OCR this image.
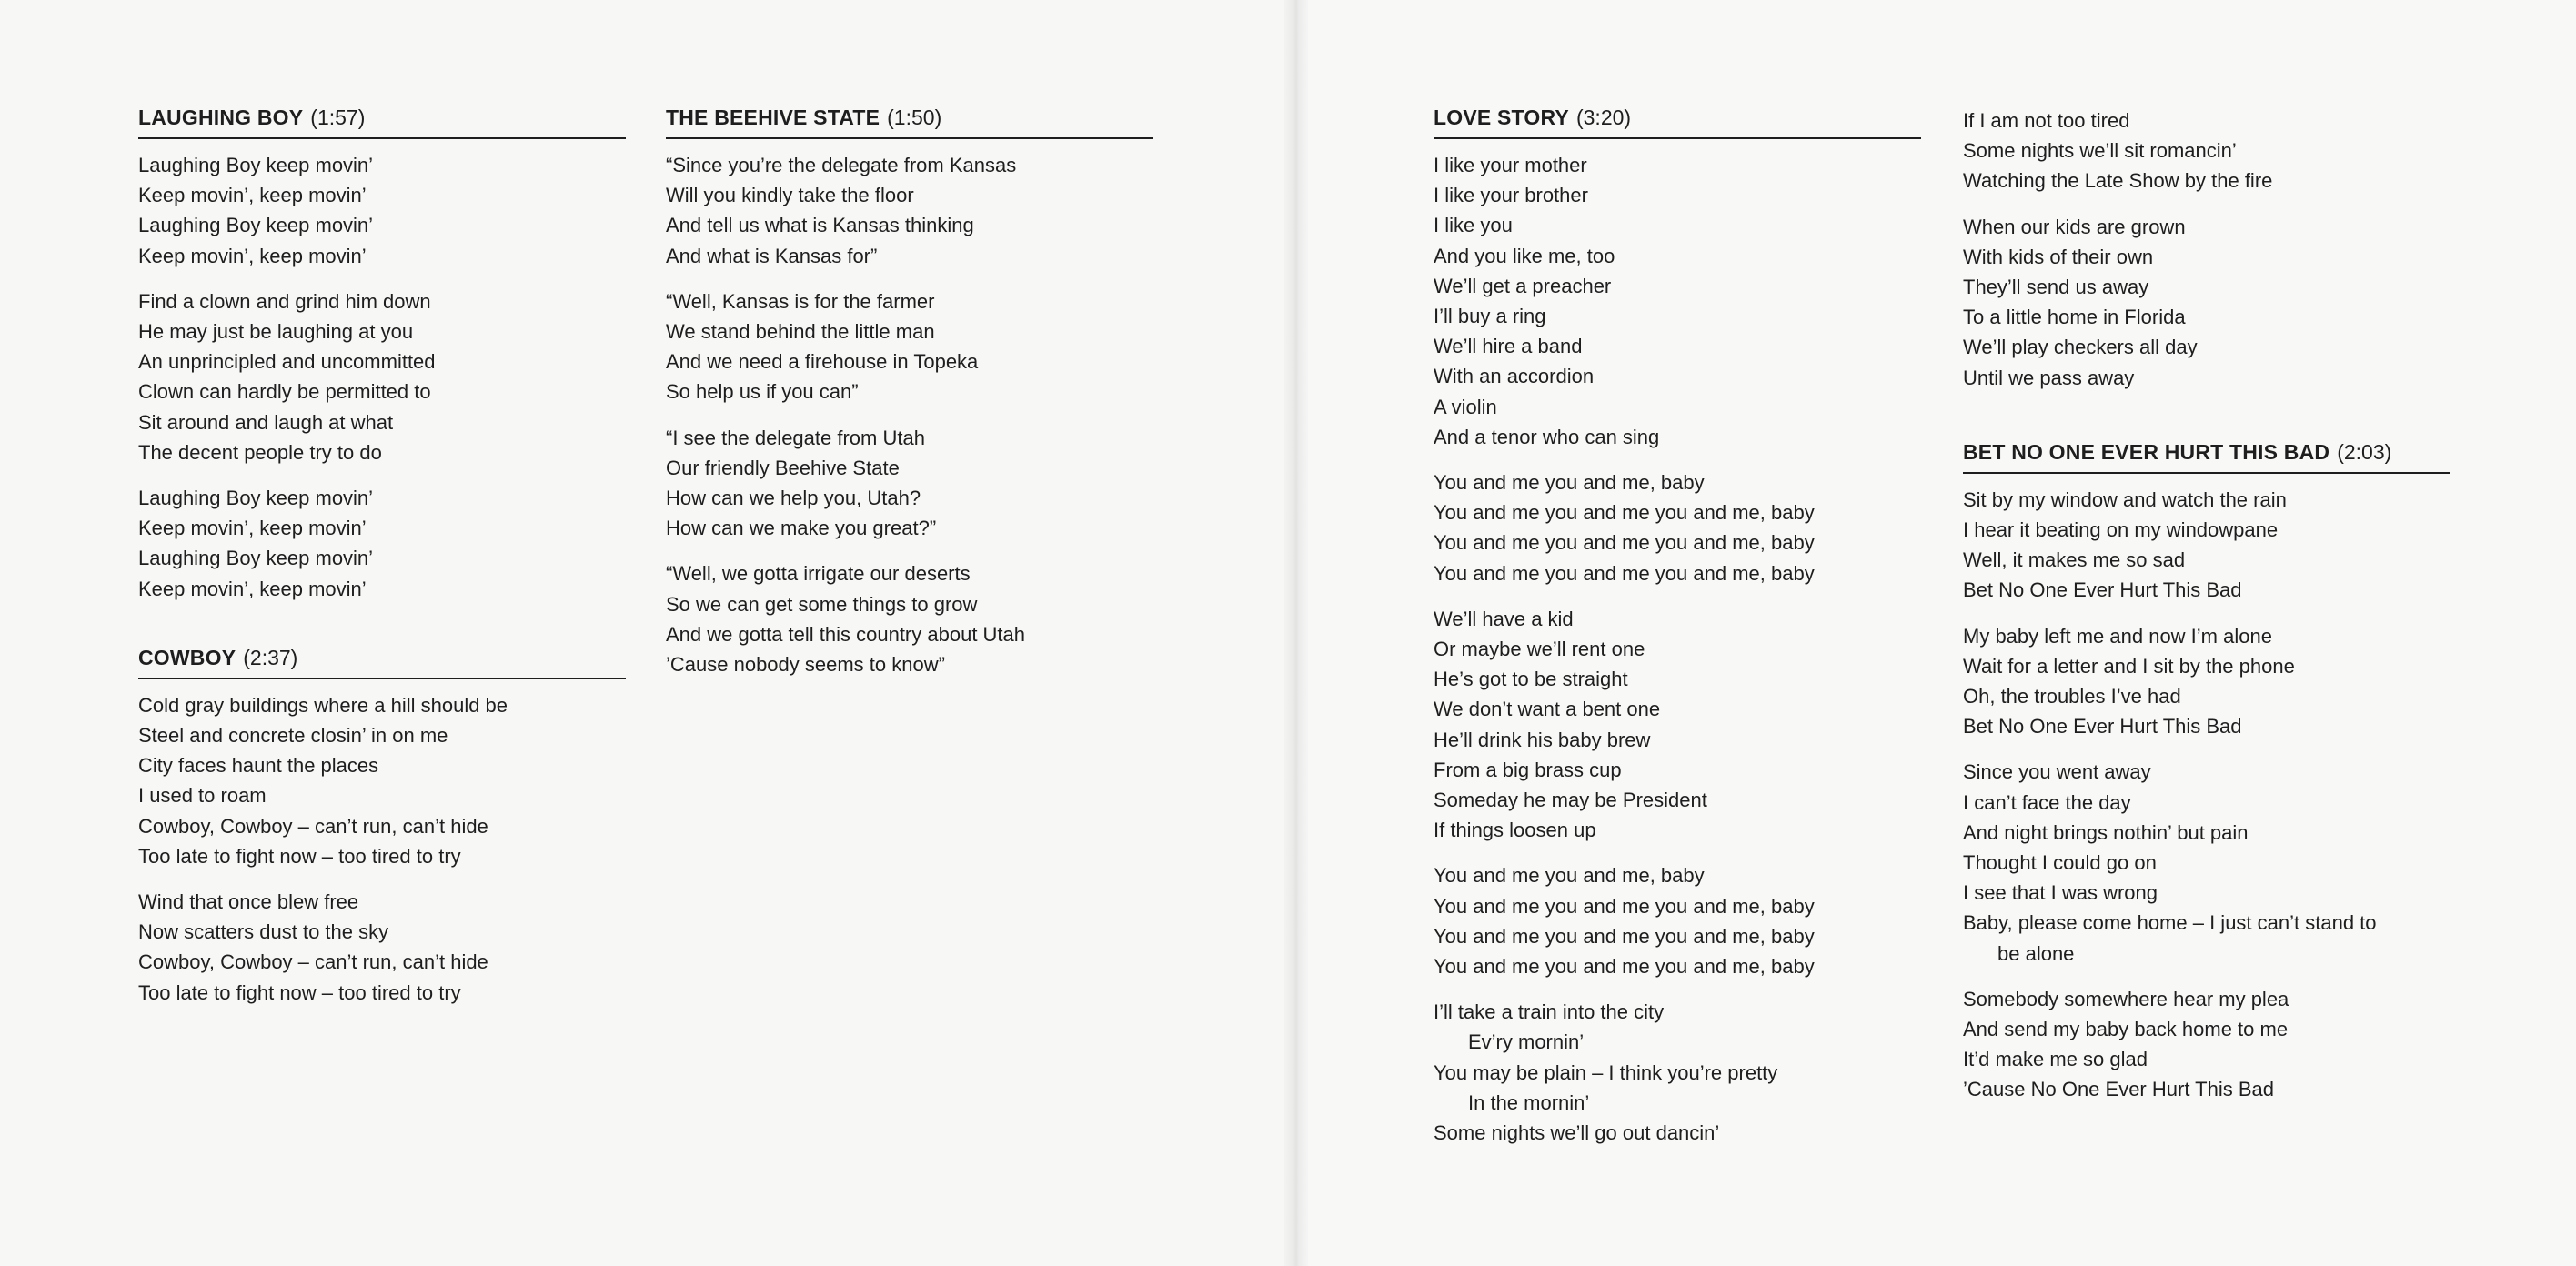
LAUGHING BOY (1:57)
Laughing Boy keep movin’
Keep movin’, keep movin’
Laughing Boy keep movin’
Keep movin’, keep movin’
Find a clown and grind him down
He may just be laughing at you
An unprincipled and uncommitted
Clown can hardly be permitted to
Sit around and laugh at what
The decent people try to do
Laughing Boy keep movin’
Keep movin’, keep movin’
Laughing Boy keep movin’
Keep movin’, keep movin’
COWBOY (2:37)
Cold gray buildings where a hill should be
Steel and concrete closin’ in on me
City faces haunt the places
I used to roam
Cowboy, Cowboy – can’t run, can’t hide
Too late to fight now – too tired to try
Wind that once blew free
Now scatters dust to the sky
Cowboy, Cowboy – can’t run, can’t hide
Too late to fight now – too tired to try
THE BEEHIVE STATE (1:50)
“Since you’re the delegate from Kansas
Will you kindly take the floor
And tell us what is Kansas thinking
And what is Kansas for”
“Well, Kansas is for the farmer
We stand behind the little man
And we need a firehouse in Topeka
So help us if you can”
“I see the delegate from Utah
Our friendly Beehive State
How can we help you, Utah?
How can we make you great?”
“Well, we gotta irrigate our deserts
So we can get some things to grow
And we gotta tell this country about Utah
’Cause nobody seems to know”
LOVE STORY (3:20)
I like your mother
I like your brother
I like you
And you like me, too
We’ll get a preacher
I’ll buy a ring
We’ll hire a band
With an accordion
A violin
And a tenor who can sing
You and me you and me, baby
You and me you and me you and me, baby
You and me you and me you and me, baby
You and me you and me you and me, baby
We’ll have a kid
Or maybe we’ll rent one
He’s got to be straight
We don’t want a bent one
He’ll drink his baby brew
From a big brass cup
Someday he may be President
If things loosen up
You and me you and me, baby
You and me you and me you and me, baby
You and me you and me you and me, baby
You and me you and me you and me, baby
I’ll take a train into the city
Ev’ry mornin’
You may be plain – I think you’re pretty
In the mornin’
Some nights we’ll go out dancin’
If I am not too tired
Some nights we’ll sit romancin’
Watching the Late Show by the fire
When our kids are grown
With kids of their own
They’ll send us away
To a little home in Florida
We’ll play checkers all day
Until we pass away
BET NO ONE EVER HURT THIS BAD (2:03)
Sit by my window and watch the rain
I hear it beating on my windowpane
Well, it makes me so sad
Bet No One Ever Hurt This Bad
My baby left me and now I’m alone
Wait for a letter and I sit by the phone
Oh, the troubles I’ve had
Bet No One Ever Hurt This Bad
Since you went away
I can’t face the day
And night brings nothin’ but pain
Thought I could go on
I see that I was wrong
Baby, please come home – I just can’t stand to
be alone
Somebody somewhere hear my plea
And send my baby back home to me
It’d make me so glad
’Cause No One Ever Hurt This Bad
